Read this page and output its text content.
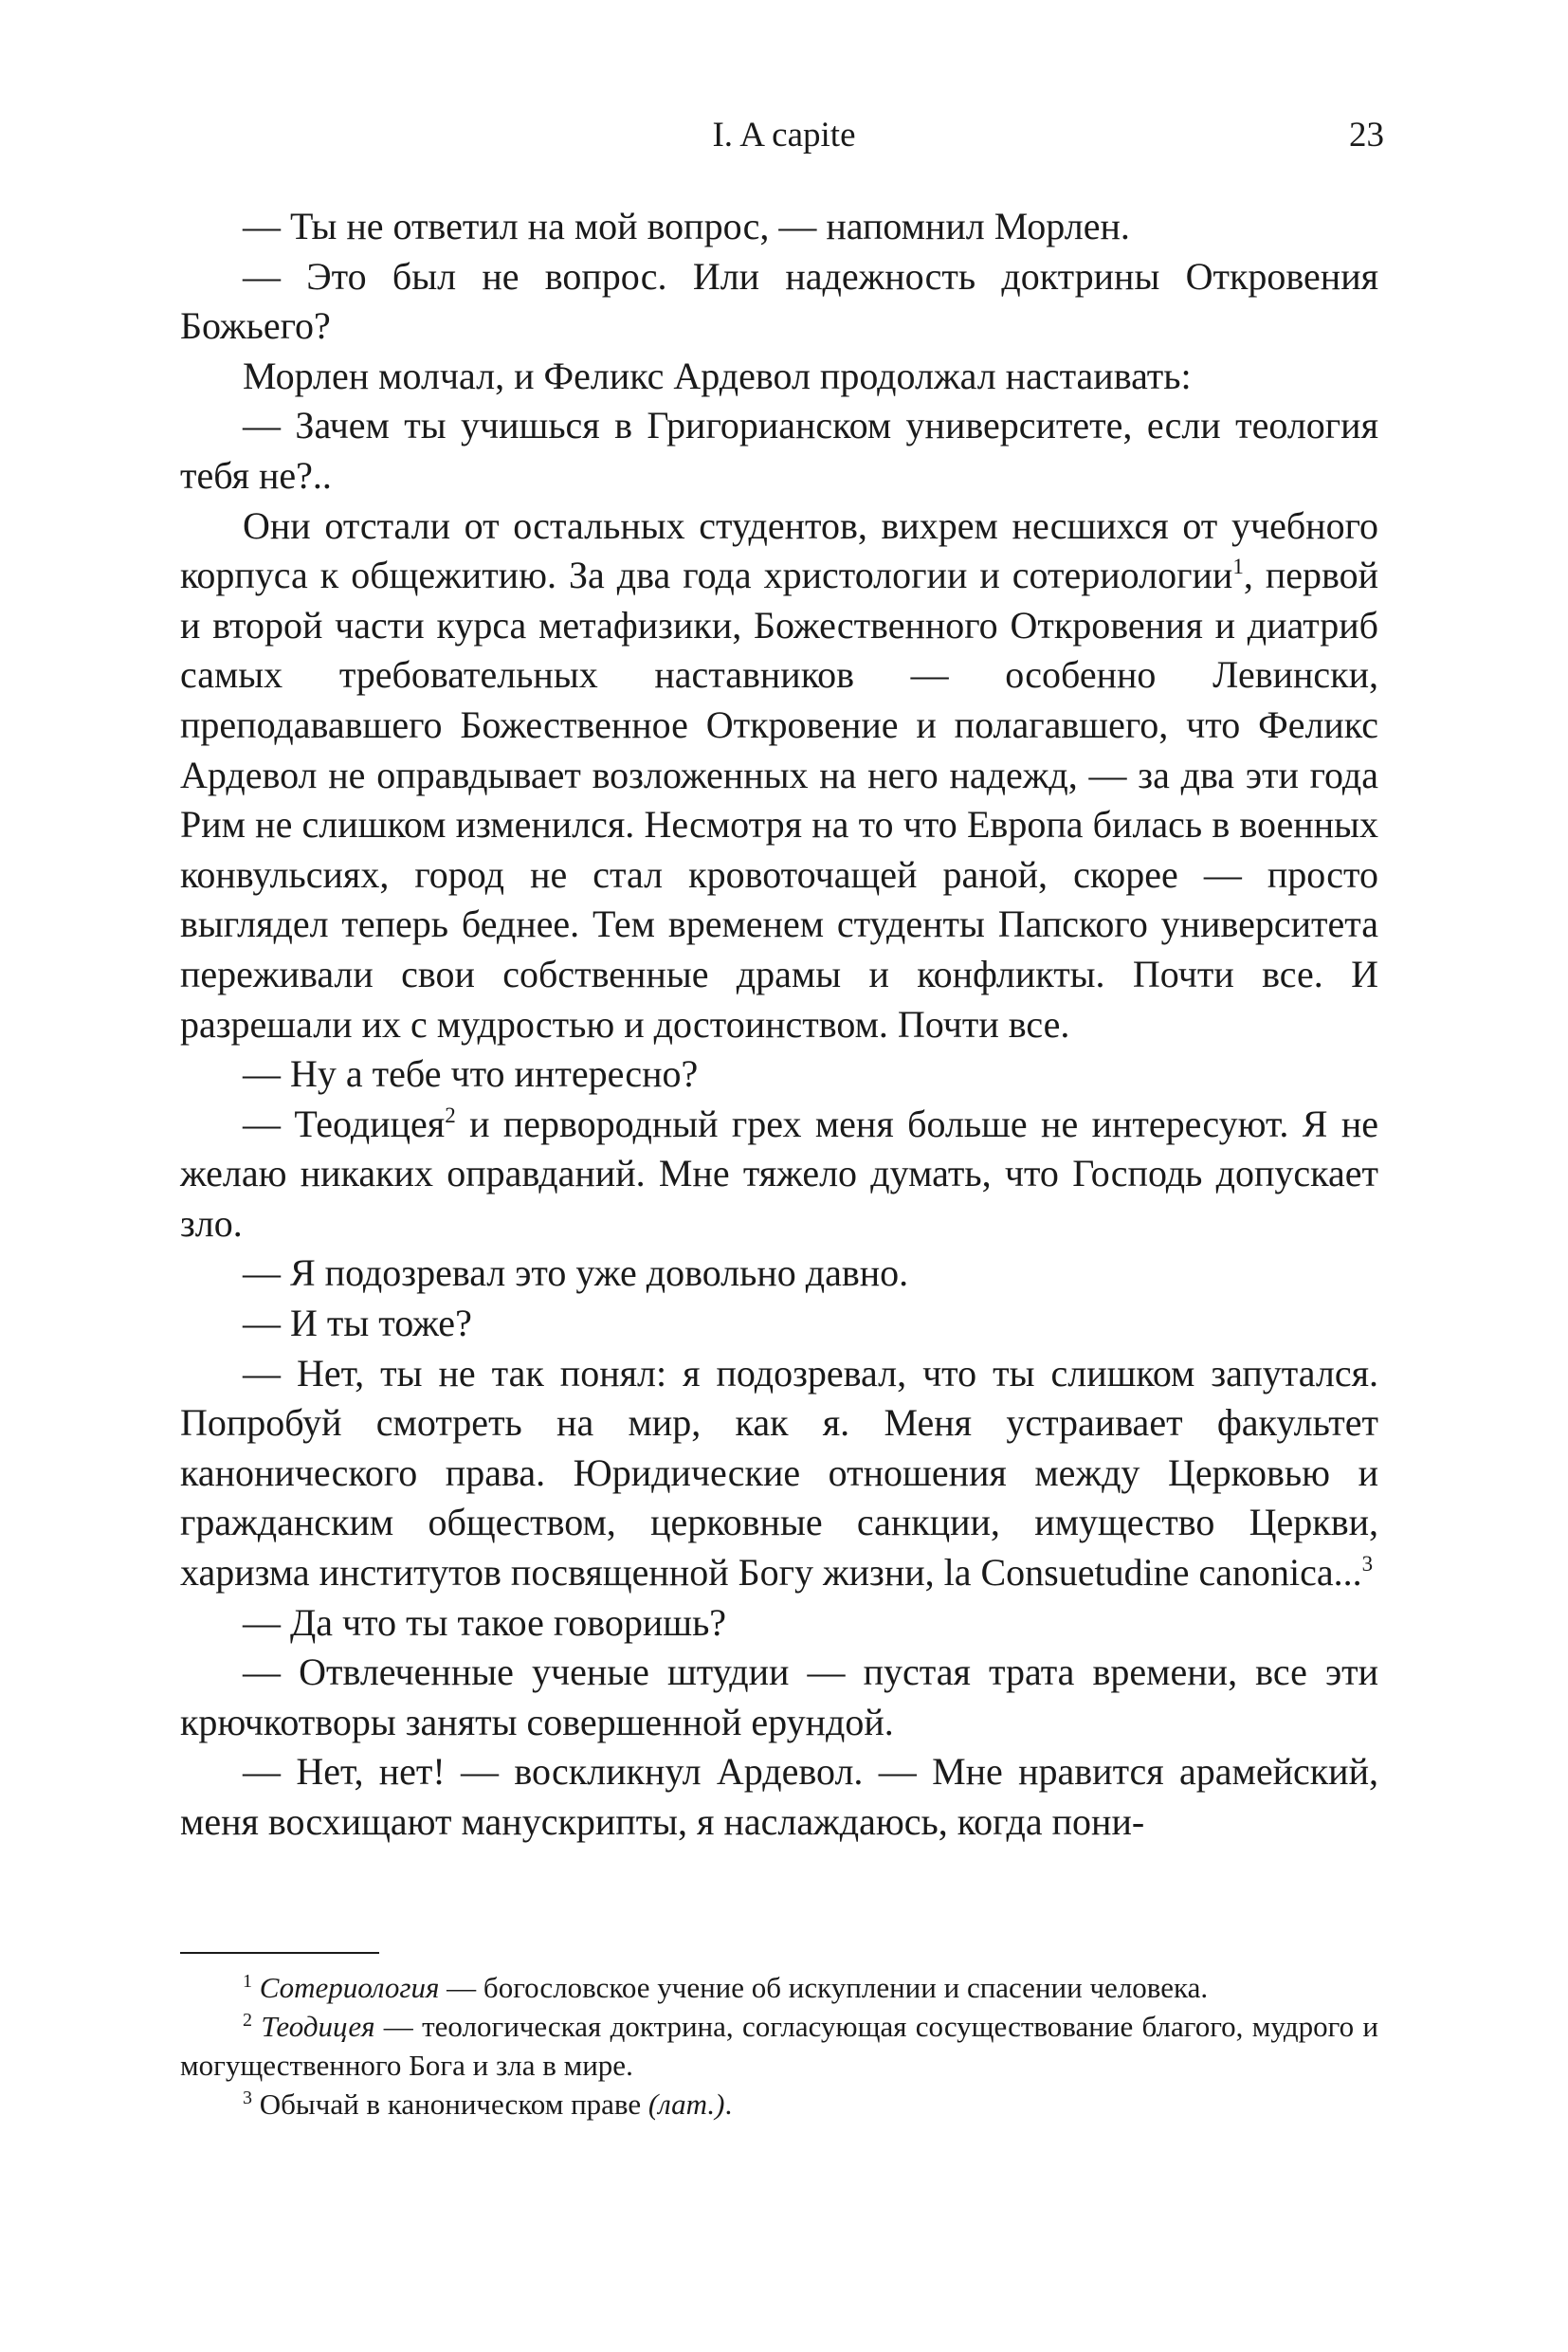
I. A capite	23

— Ты не ответил на мой вопрос, — напомнил Морлен.

— Это был не вопрос. Или надежность доктрины Откровения Божьего?

Морлен молчал, и Феликс Ардевол продолжал настаивать:

— Зачем ты учишься в Григорианском университете, если теология тебя не?..

Они отстали от остальных студентов, вихрем несшихся от учебного корпуса к общежитию. За два года христологии и сотериологии$^1$, первой и второй части курса метафизики, Божественного Откровения и диатриб самых требовательных наставников — особенно Левински, преподававшего Божественное Откровение и полагавшего, что Феликс Ардевол не оправдывает возложенных на него надежд, — за два эти года Рим не слишком изменился. Несмотря на то что Европа билась в военных конвульсиях, город не стал кровоточащей раной, скорее — просто выглядел теперь беднее. Тем временем студенты Папского университета переживали свои собственные драмы и конфликты. Почти все. И разрешали их с мудростью и достоинством. Почти все.

— Ну а тебе что интересно?

— Теодицея$^2$ и первородный грех меня больше не интересуют. Я не желаю никаких оправданий. Мне тяжело думать, что Господь допускает зло.

— Я подозревал это уже довольно давно.

— И ты тоже?

— Нет, ты не так понял: я подозревал, что ты слишком запутался. Попробуй смотреть на мир, как я. Меня устраивает факультет канонического права. Юридические отношения между Церковью и гражданским обществом, церковные санкции, имущество Церкви, харизма институтов посвященной Богу жизни, la Consuetudine canonica...$^3$

— Да что ты такое говоришь?

— Отвлеченные ученые штудии — пустая трата времени, все эти крючкотворы заняты совершенной ерундой.

— Нет, нет! — воскликнул Ардевол. — Мне нравится арамейский, меня восхищают манускрипты, я наслаждаюсь, когда пони-

$^1$ Сотериология — богословское учение об искуплении и спасении человека.

$^2$ Теодицея — теологическая доктрина, согласующая сосуществование благого, мудрого и могущественного Бога и зла в мире.

$^3$ Обычай в каноническом праве (лат.).
